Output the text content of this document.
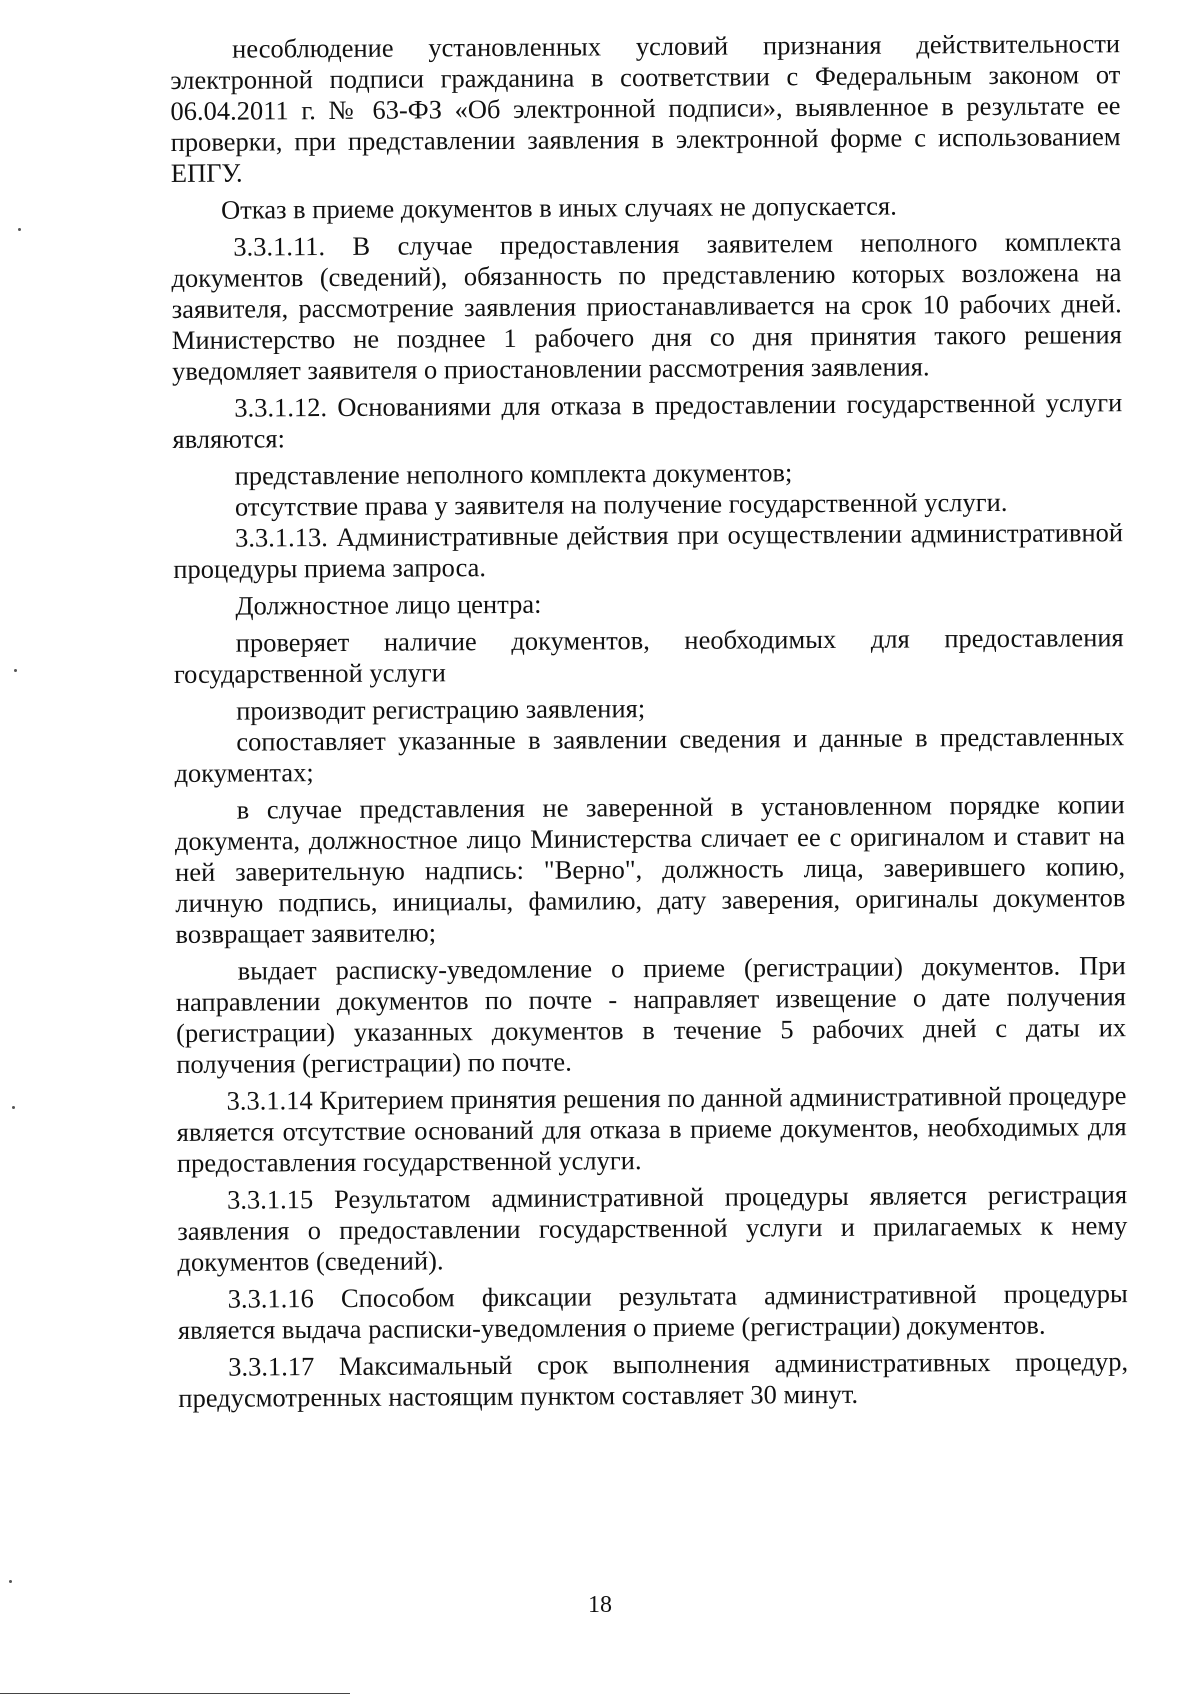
несоблюдение установленных условий признания действительности электронной подписи гражданина в соответствии с Федеральным законом от 06.04.2011 г. № 63-ФЗ «Об электронной подписи», выявленное в результате ее проверки, при представлении заявления в электронной форме с использованием ЕПГУ.

Отказ в приеме документов в иных случаях не допускается.

3.3.1.11. В случае предоставления заявителем неполного комплекта документов (сведений), обязанность по представлению которых возложена на заявителя, рассмотрение заявления приостанавливается на срок 10 рабочих дней. Министерство не позднее 1 рабочего дня со дня принятия такого решения уведомляет заявителя о приостановлении рассмотрения заявления.

3.3.1.12. Основаниями для отказа в предоставлении государственной услуги являются:

представление неполного комплекта документов;

отсутствие права у заявителя на получение государственной услуги.

3.3.1.13. Административные действия при осуществлении административной процедуры приема запроса.

Должностное лицо центра:

проверяет наличие документов, необходимых для предоставления государственной услуги

производит регистрацию заявления;

сопоставляет указанные в заявлении сведения и данные в представленных документах;

в случае представления не заверенной в установленном порядке копии документа, должностное лицо Министерства сличает ее с оригиналом и ставит на ней заверительную надпись: "Верно", должность лица, заверившего копию, личную подпись, инициалы, фамилию, дату заверения, оригиналы документов возвращает заявителю;

выдает расписку-уведомление о приеме (регистрации) документов. При направлении документов по почте - направляет извещение о дате получения (регистрации) указанных документов в течение 5 рабочих дней с даты их получения (регистрации) по почте.

3.3.1.14 Критерием принятия решения по данной административной процедуре является отсутствие оснований для отказа в приеме документов, необходимых для предоставления государственной услуги.

3.3.1.15 Результатом административной процедуры является регистрация заявления о предоставлении государственной услуги и прилагаемых к нему документов (сведений).

3.3.1.16 Способом фиксации результата административной процедуры является выдача расписки-уведомления о приеме (регистрации) документов.

3.3.1.17 Максимальный срок выполнения административных процедур, предусмотренных настоящим пунктом составляет 30 минут.

18
